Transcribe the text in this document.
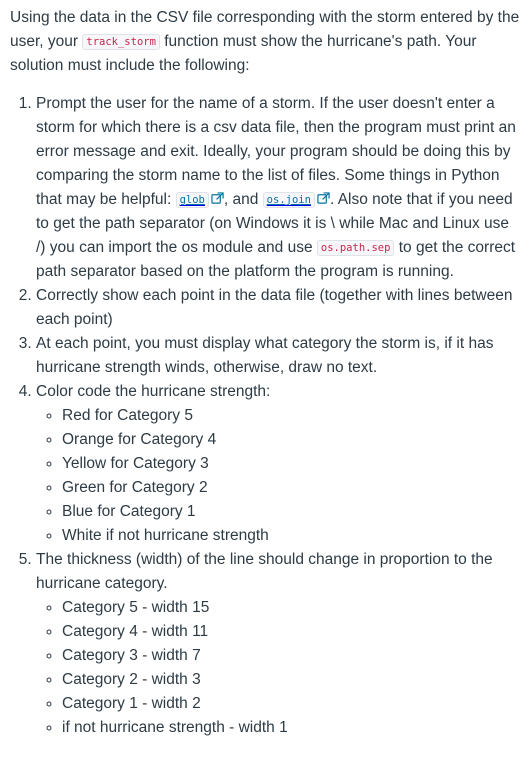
Using the data in the CSV file corresponding with the storm entered by the user, your track_storm function must show the hurricane's path. Your solution must include the following:

1. Prompt the user for the name of a storm. If the user doesn't enter a storm for which there is a csv data file, then the program must print an error message and exit. Ideally, your program should be doing this by comparing the storm name to the list of files. Some things in Python that may be helpful: glob , and os.join . Also note that if you need to get the path separator (on Windows it is \ while Mac and Linux use /) you can import the os module and use os.path.sep to get the correct path separator based on the platform the program is running.
2. Correctly show each point in the data file (together with lines between each point)
3. At each point, you must display what category the storm is, if it has hurricane strength winds, otherwise, draw no text.
4. Color code the hurricane strength:
◦ Red for Category 5
◦ Orange for Category 4
◦ Yellow for Category 3
◦ Green for Category 2
◦ Blue for Category 1
◦ White if not hurricane strength
5. The thickness (width) of the line should change in proportion to the hurricane category.
◦ Category 5 - width 15
◦ Category 4 - width 11
◦ Category 3 - width 7
◦ Category 2 - width 3
◦ Category 1 - width 2
◦ if not hurricane strength - width 1
